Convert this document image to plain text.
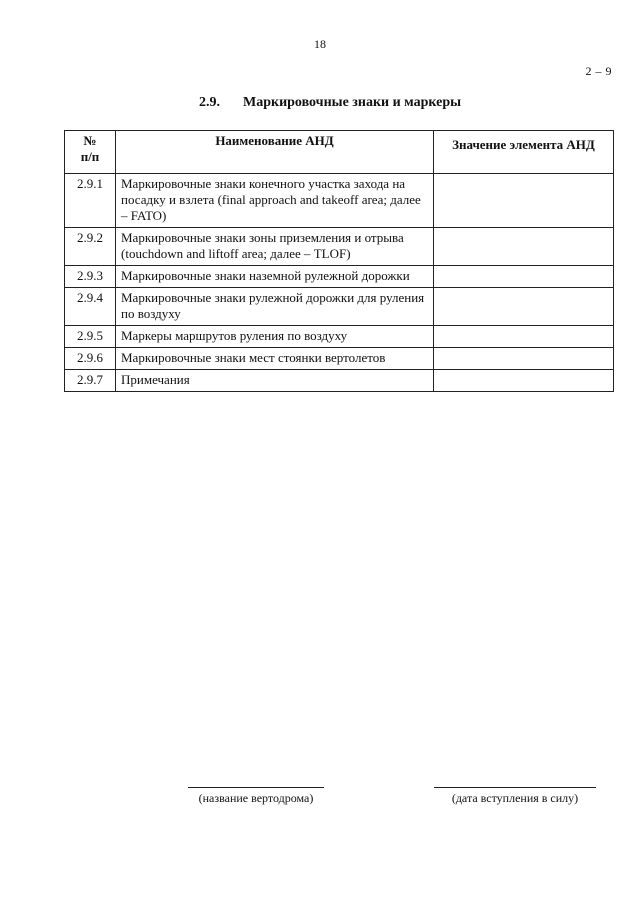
18
2 – 9
2.9. Маркировочные знаки и маркеры
№
п/п	Наименование АНД	Значение элемента АНД
2.9.1	Маркировочные знаки конечного участка захода на посадку и взлета (final approach and takeoff area; далее – FATO)	
2.9.2	Маркировочные знаки зоны приземления и отрыва (touchdown and liftoff area; далее – TLOF)	
2.9.3	Маркировочные знаки наземной рулежной дорожки	
2.9.4	Маркировочные знаки рулежной дорожки для руления по воздуху	
2.9.5	Маркеры маршрутов руления по воздуху	
2.9.6	Маркировочные знаки мест стоянки вертолетов	
2.9.7	Примечания	
(название вертодрома)	(дата вступления в силу)
